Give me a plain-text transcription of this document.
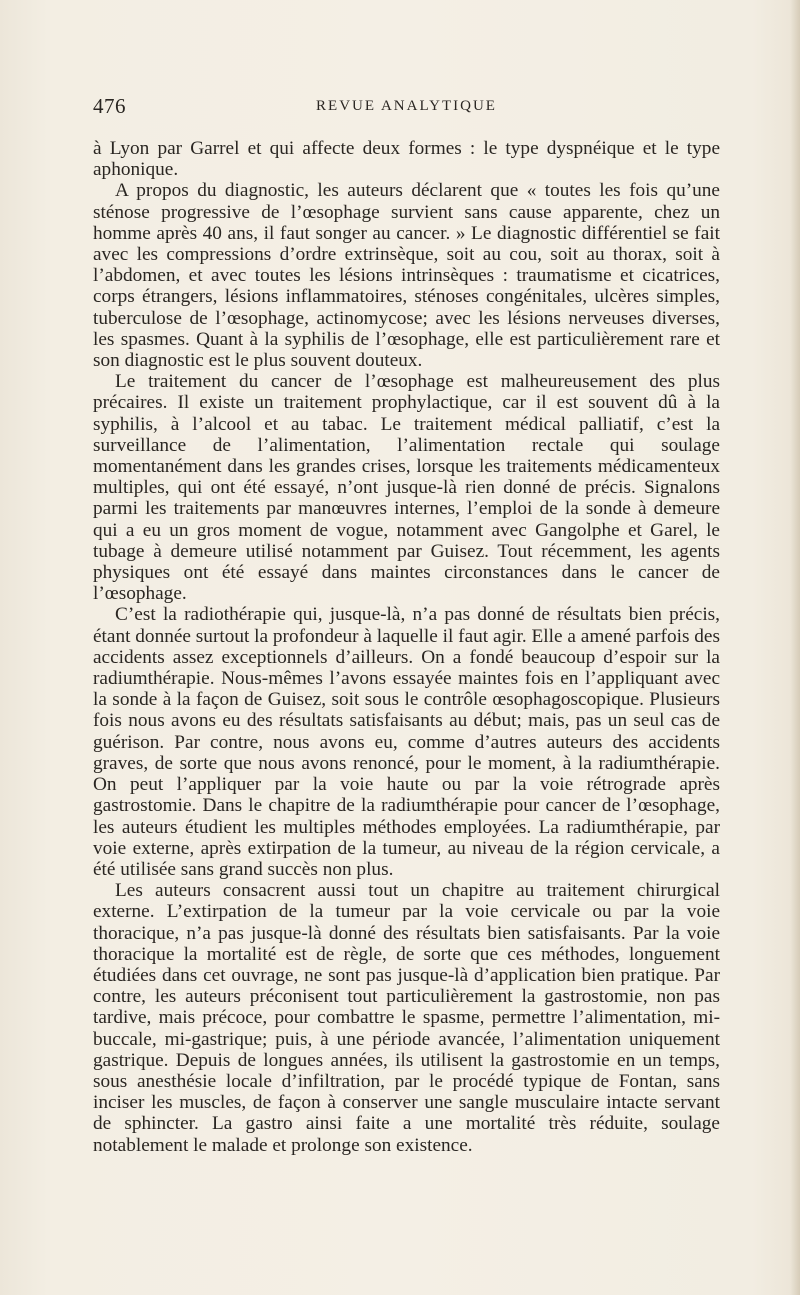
476	REVUE ANALYTIQUE

à Lyon par Garrel et qui affecte deux formes : le type dyspnéique et le type aphonique.

A propos du diagnostic, les auteurs déclarent que « toutes les fois qu’une sténose progressive de l’œsophage survient sans cause apparente, chez un homme après 40 ans, il faut songer au cancer. » Le diagnostic différentiel se fait avec les compressions d’ordre extrinsèque, soit au cou, soit au thorax, soit à l’abdomen, et avec toutes les lésions intrinsèques : traumatisme et cicatrices, corps étrangers, lésions inflammatoires, sténoses congénitales, ulcères simples, tuberculose de l’œsophage, actinomycose; avec les lésions nerveuses diverses, les spasmes. Quant à la syphilis de l’œsophage, elle est particulièrement rare et son diagnostic est le plus souvent douteux.

Le traitement du cancer de l’œsophage est malheureusement des plus précaires. Il existe un traitement prophylactique, car il est souvent dû à la syphilis, à l’alcool et au tabac. Le traitement médical palliatif, c’est la surveillance de l’alimentation, l’alimentation rectale qui soulage momentanément dans les grandes crises, lorsque les traitements médicamenteux multiples, qui ont été essayé, n’ont jusque-là rien donné de précis. Signalons parmi les traitements par manœuvres internes, l’emploi de la sonde à demeure qui a eu un gros moment de vogue, notamment avec Gangolphe et Garel, le tubage à demeure utilisé notamment par Guisez. Tout récemment, les agents physiques ont été essayé dans maintes circonstances dans le cancer de l’œsophage.

C’est la radiothérapie qui, jusque-là, n’a pas donné de résultats bien précis, étant donnée surtout la profondeur à laquelle il faut agir. Elle a amené parfois des accidents assez exceptionnels d’ailleurs. On a fondé beaucoup d’espoir sur la radiumthérapie. Nous-mêmes l’avons essayée maintes fois en l’appliquant avec la sonde à la façon de Guisez, soit sous le contrôle œsophagoscopique. Plusieurs fois nous avons eu des résultats satisfaisants au début; mais, pas un seul cas de guérison. Par contre, nous avons eu, comme d’autres auteurs des accidents graves, de sorte que nous avons renoncé, pour le moment, à la radiumthérapie. On peut l’appliquer par la voie haute ou par la voie rétrograde après gastrostomie. Dans le chapitre de la radiumthérapie pour cancer de l’œsophage, les auteurs étudient les multiples méthodes employées. La radiumthérapie, par voie externe, après extirpation de la tumeur, au niveau de la région cervicale, a été utilisée sans grand succès non plus.

Les auteurs consacrent aussi tout un chapitre au traitement chirurgical externe. L’extirpation de la tumeur par la voie cervicale ou par la voie thoracique, n’a pas jusque-là donné des résultats bien satisfaisants. Par la voie thoracique la mortalité est de règle, de sorte que ces méthodes, longuement étudiées dans cet ouvrage, ne sont pas jusque-là d’application bien pratique. Par contre, les auteurs préconisent tout particulièrement la gastrostomie, non pas tardive, mais précoce, pour combattre le spasme, permettre l’alimentation, mi-buccale, mi-gastrique; puis, à une période avancée, l’alimentation uniquement gastrique. Depuis de longues années, ils utilisent la gastrostomie en un temps, sous anesthésie locale d’infiltration, par le procédé typique de Fontan, sans inciser les muscles, de façon à conserver une sangle musculaire intacte servant de sphincter. La gastro ainsi faite a une mortalité très réduite, soulage notablement le malade et prolonge son existence.
